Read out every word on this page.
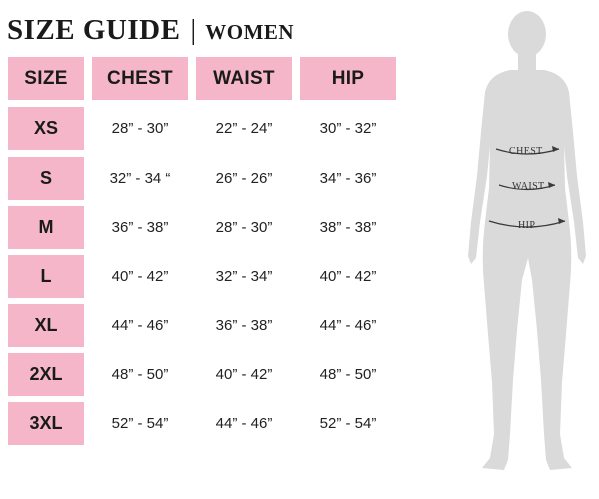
SIZE GUIDE | WOMEN
SIZE	CHEST	WAIST	HIP
XS	28” - 30”	22” - 24”	30” - 32”
S	32” - 34 “	26” - 26”	34” - 36”
M	36” - 38”	28” - 30”	38” - 38”
L	40” - 42”	32” - 34”	40” - 42”
XL	44” - 46”	36” - 38”	44” - 46”
2XL	48” - 50”	40” - 42”	48” - 50”
3XL	52” - 54”	44” - 46”	52” - 54”
CHEST
WAIST
HIP
